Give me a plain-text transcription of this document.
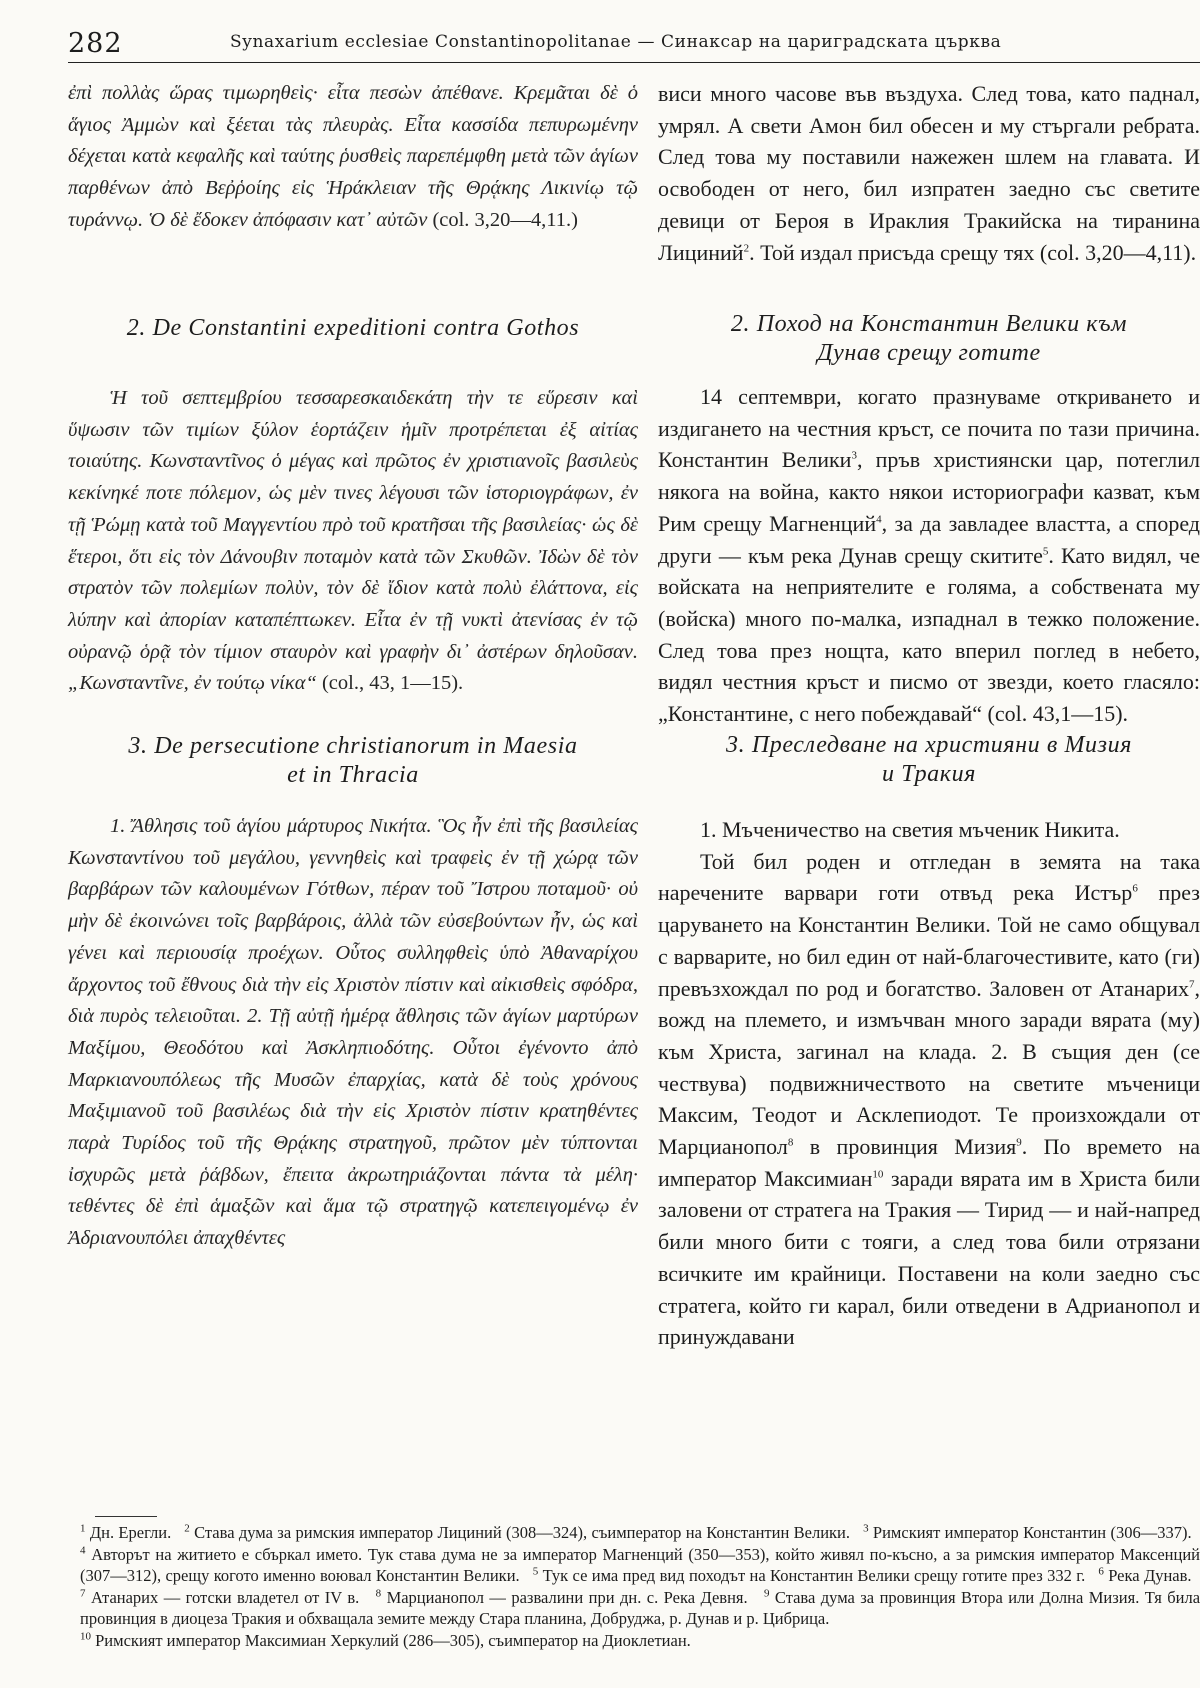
282	Synaxarium ecclesiae Constantinopolitanae — Синаксар на цариградската църква

ἐπὶ πολλὰς ὥρας τιμωρηθεὶς· εἶτα πεσὼν ἀπέθανε. Κρεμᾶται δὲ ὁ ἅγιος Ἀμμὼν καὶ ξέεται τὰς πλευρὰς. Εἶτα κασσίδα πεπυρωμένην δέχεται κατὰ κεφαλῆς καὶ ταύτης ῥυσθεὶς παρεπέμφθη μετὰ τῶν ἁγίων παρθένων ἀπὸ Βεῤῥοίης εἰς Ἡράκλειαν τῆς Θρᾴκης Λικινίῳ τῷ τυράννῳ. Ὁ δὲ ἔδοκεν ἀπόφασιν κατ᾽ αὐτῶν (col. 3,20—4,11.)

2. De Constantini expeditioni contra Gothos

Ἡ τοῦ σεπτεμβρίου τεσσαρεσκαιδεκάτη τὴν τε εὕρεσιν καὶ ὕψωσιν τῶν τιμίων ξύλον ἑορτάζειν ἡμῖν προτρέπεται ἐξ αἰτίας τοιαύτης. Κωνσταντῖνος ὁ μέγας καὶ πρῶτος ἐν χριστιανοῖς βασιλεὺς κεκίνηκέ ποτε πόλεμον, ὡς μὲν τινες λέγουσι τῶν ἱστοριογράφων, ἐν τῇ Ῥώμῃ κατὰ τοῦ Μαγγεντίου πρὸ τοῦ κρατῆσαι τῆς βασιλείας· ὡς δὲ ἕτεροι, ὅτι εἰς τὸν Δάνουβιν ποταμὸν κατὰ τῶν Σκυθῶν. Ἰδὼν δὲ τὸν στρατὸν τῶν πολεμίων πολὺν, τὸν δὲ ἴδιον κατὰ πολὺ ἐλάττονα, εἰς λύπην καὶ ἀπορίαν καταπέπτωκεν. Εἶτα ἐν τῇ νυκτὶ ἀτενίσας ἐν τῷ οὐρανῷ ὁρᾷ τὸν τίμιον σταυρὸν καὶ γραφὴν δι᾽ ἀστέρων δηλοῦσαν. „Κωνσταντῖνε, ἐν τούτῳ νίκα“ (col., 43, 1—15).

3. De persecutione christianorum in Maesia

et in Thracia

1. Ἄθλησις τοῦ ἁγίου μάρτυρος Νικήτα. Ὃς ἦν ἐπὶ τῆς βασιλείας Κωνσταντίνου τοῦ μεγάλου, γεννηθεὶς καὶ τραφεὶς ἐν τῇ χώρᾳ τῶν βαρβάρων τῶν καλουμένων Γότθων, πέραν τοῦ Ἴστρου ποταμοῦ· οὐ μὴν δὲ ἐκοινώνει τοῖς βαρβάροις, ἀλλὰ τῶν εὐσεβούντων ἦν, ὡς καὶ γένει καὶ περιουσίᾳ προέχων. Οὗτος συλληφθεὶς ὑπὸ Ἀθαναρίχου ἄρχοντος τοῦ ἔθνους διὰ τὴν εἰς Χριστὸν πίστιν καὶ αἰκισθεὶς σφόδρα, διὰ πυρὸς τελειοῦται. 2. Τῇ αὐτῇ ἡμέρᾳ ἄθλησις τῶν ἁγίων μαρτύρων Μαξίμου, Θεοδότου καὶ Ἀσκληπιοδότης. Οὗτοι ἐγένοντο ἀπὸ Μαρκιανουπόλεως τῆς Μυσῶν ἐπαρχίας, κατὰ δὲ τοὺς χρόνους Μαξιμιανοῦ τοῦ βασιλέως διὰ τὴν εἰς Χριστὸν πίστιν κρατηθέντες παρὰ Τυρίδος τοῦ τῆς Θρᾴκης στρατηγοῦ, πρῶτον μὲν τύπτονται ἰσχυρῶς μετὰ ῥάβδων, ἔπειτα ἀκρωτηριάζονται πάντα τὰ μέλη· τεθέντες δὲ ἐπὶ ἁμαξῶν καὶ ἅμα τῷ στρατηγῷ κατεπειγομένῳ ἐν Ἀδριανουπόλει ἀπαχθέντες

виси много часове във въздуха. След това, като паднал, умрял. А свети Амон бил обесен и му стъргали ребрата. След това му поставили нажежен шлем на главата. И освободен от него, бил изпратен заедно със светите девици от Бероя в Ираклия Тракийска на тиранина Лициний$^2$. Той издал присъда срещу тях (col. 3,20—4,11).

2. Поход на Константин Велики към

Дунав срещу готите

14 септември, когато празнуваме откриването и издигането на честния кръст, се почита по тази причина. Константин Велики$^3$, пръв християнски цар, потеглил някога на война, както някои историографи казват, към Рим срещу Магненций$^4$, за да завладее властта, а според други — към река Дунав срещу скитите$^5$. Като видял, че войската на неприятелите е голяма, а собствената му (войска) много по-малка, изпаднал в тежко положение. След това през нощта, като вперил поглед в небето, видял честния кръст и писмо от звезди, което гласяло: „Константине, с него побеждавай“ (col. 43,1—15).

3. Преследване на християни в Мизия

и Тракия

1. Мъченичество на светия мъченик Никита.

Той бил роден и отгледан в земята на така наречените варвари готи отвъд река Истър$^6$ през царуването на Константин Велики. Той не само общувал с варварите, но бил един от най-благочестивите, като (ги) превъзхождал по род и богатство. Заловен от Атанарих$^7$, вожд на племето, и измъчван много заради вярата (му) към Христа, загинал на клада. 2. В същия ден (се чествува) подвижничеството на светите мъченици Максим, Теодот и Асклепиодот. Те произхождали от Марцианопол$^8$ в провинция Мизия$^9$. По времето на император Максимиан$^{10}$ заради вярата им в Христа били заловени от стратега на Тракия — Тирид — и най-напред били много бити с тояги, а след това били отрязани всичките им крайници. Поставени на коли заедно със стратега, който ги карал, били отведени в Адрианопол и принуждавани

$^1$ Дн. Ерегли. $^2$ Става дума за римския император Лициний (308—324), съимператор на Константин Велики. $^3$ Римският император Константин (306—337).   $^4$ Авторът на житието е сбъркал името. Тук става дума не за император Магненций (350—353), който живял по-късно, а за римския император Максенций (307—312), срещу когото именно воювал Константин Велики. $^5$ Тук се има пред вид походът на Константин Велики срещу готите през 332 г. $^6$ Река Дунав.   $^7$ Атанарих — готски владетел от IV в. $^8$ Марцианопол — развалини при дн. с. Река Девня. $^9$ Става дума за провинция Втора или Долна Мизия. Тя била провинция в диоцеза Тракия и обхващала земите между Стара планина, Добруджа, р. Дунав и р. Цибрица.
$^{10}$ Римският император Максимиан Херкулий (286—305), съимператор на Диоклетиан.
